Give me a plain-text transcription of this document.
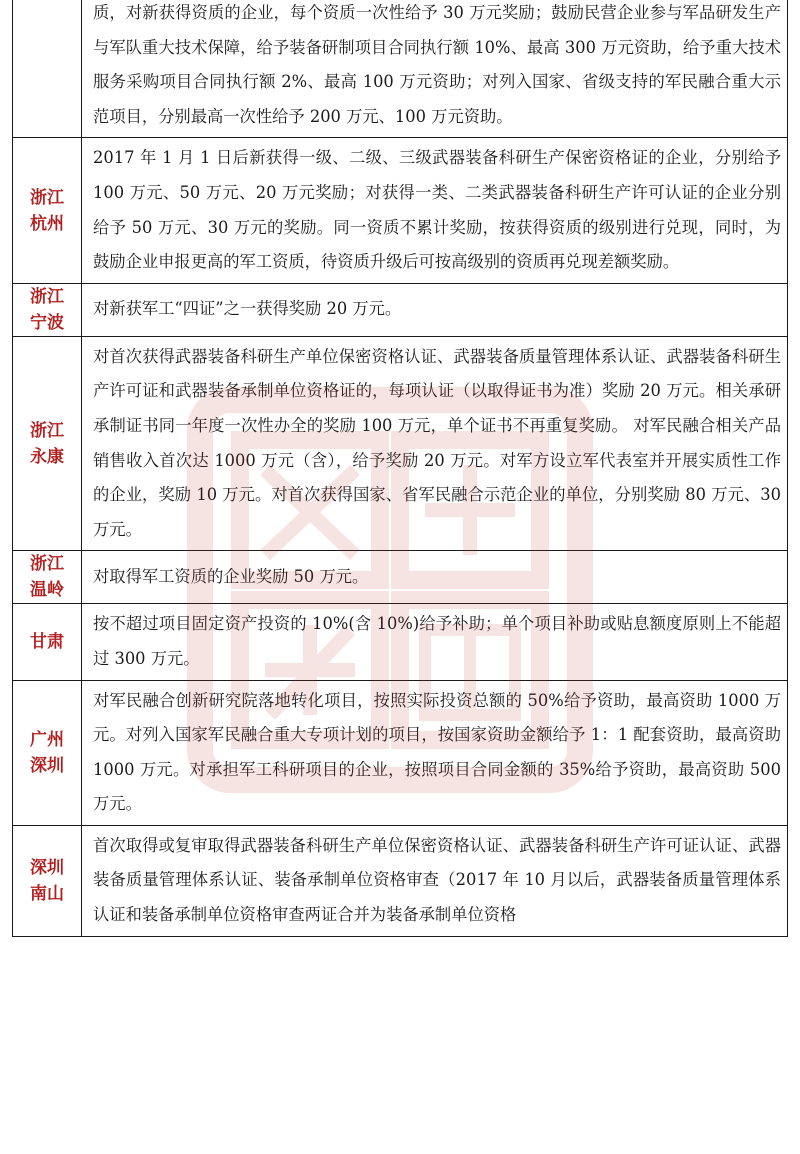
	质，对新获得资质的企业，每个资质一次性给予 30 万元奖励；鼓励民营企业参与军品研发生产与军队重大技术保障，给予装备研制项目合同执行额 10%、最高 300 万元资助，给予重大技术服务采购项目合同执行额 2%、最高 100 万元资助；对列入国家、省级支持的军民融合重大示范项目，分别最高一次性给予 200 万元、100 万元资助。

浙江
杭州	2017 年 1 月 1 日后新获得一级、二级、三级武器装备科研生产保密资格证的企业，分别给予 100 万元、50 万元、20 万元奖励；对获得一类、二类武器装备科研生产许可认证的企业分别给予 50 万元、30 万元的奖励。同一资质不累计奖励，按获得资质的级别进行兑现，同时，为鼓励企业申报更高的军工资质，待资质升级后可按高级别的资质再兑现差额奖励。

浙江
宁波	对新获军工“四证”之一获得奖励 20 万元。

浙江
永康	对首次获得武器装备科研生产单位保密资格认证、武器装备质量管理体系认证、武器装备科研生产许可证和武器装备承制单位资格证的，每项认证（以取得证书为准）奖励 20 万元。相关承研承制证书同一年度一次性办全的奖励 100 万元，单个证书不再重复奖励。 对军民融合相关产品销售收入首次达 1000 万元（含），给予奖励 20 万元。对军方设立军代表室并开展实质性工作的企业，奖励 10 万元。对首次获得国家、省军民融合示范企业的单位，分别奖励 80 万元、30 万元。

浙江
温岭	对取得军工资质的企业奖励 50 万元。

甘肃	按不超过项目固定资产投资的 10%(含 10%)给予补助；单个项目补助或贴息额度原则上不能超过 300 万元。

广州
深圳	对军民融合创新研究院落地转化项目，按照实际投资总额的 50%给予资助，最高资助 1000 万元。对列入国家军民融合重大专项计划的项目，按国家资助金额给予 1：1 配套资助，最高资助 1000 万元。对承担军工科研项目的企业，按照项目合同金额的 35%给予资助，最高资助 500 万元。

深圳
南山	首次取得或复审取得武器装备科研生产单位保密资格认证、武器装备科研生产许可证认证、武器装备质量管理体系认证、装备承制单位资格审查（2017 年 10 月以后，武器装备质量管理体系认证和装备承制单位资格审查两证合并为装备承制单位资格
